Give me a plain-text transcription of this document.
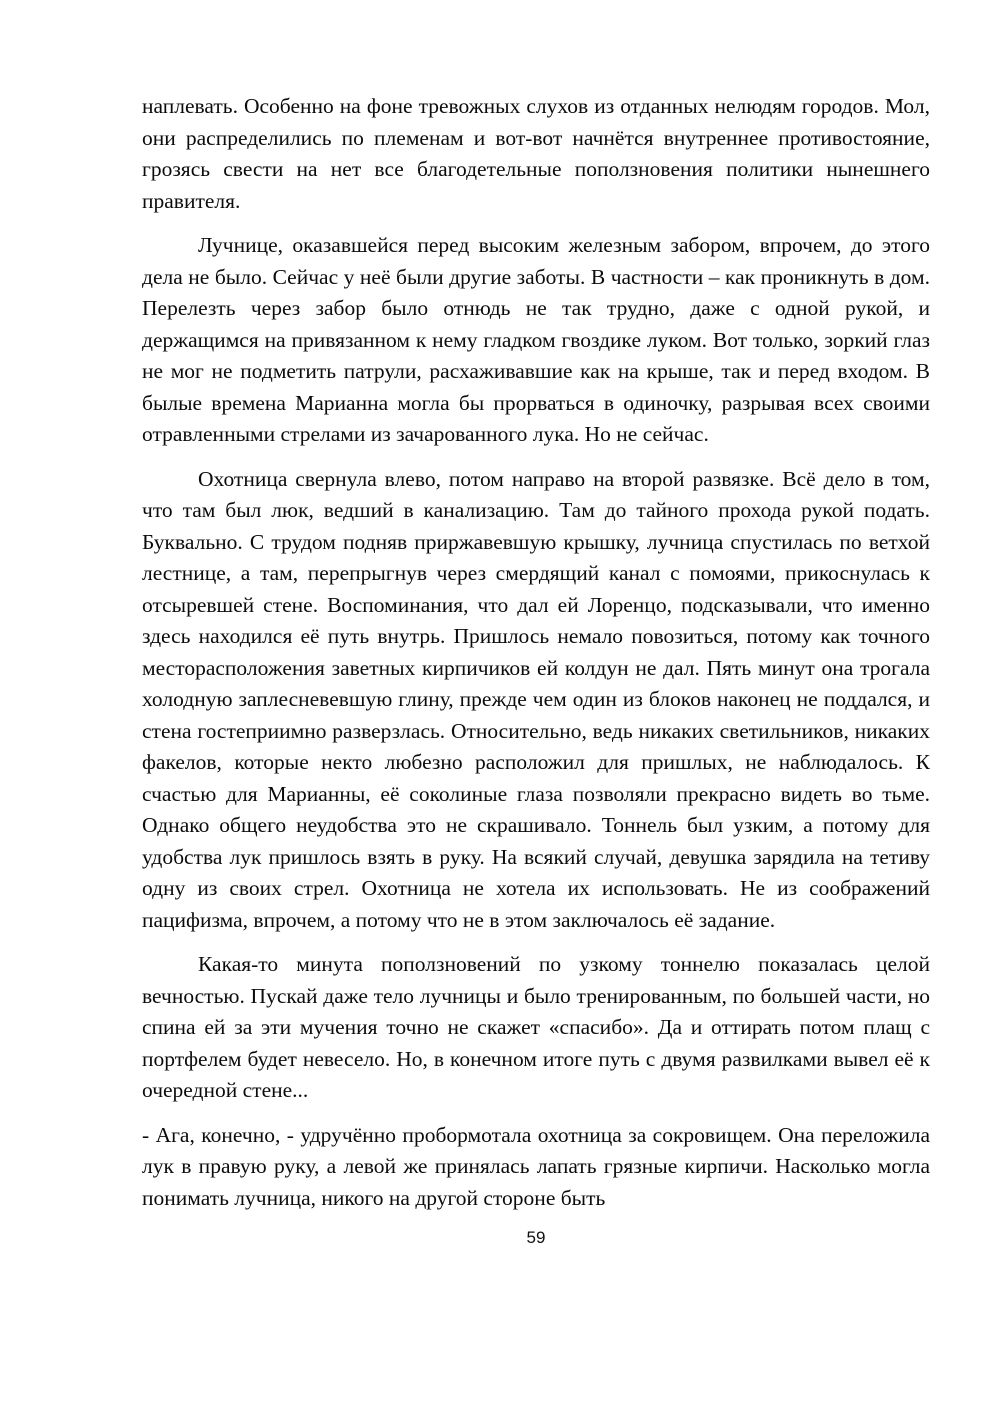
наплевать. Особенно на фоне тревожных слухов из отданных нелюдям городов. Мол, они распределились по племенам и вот-вот начнётся внутреннее противостояние, грозясь свести на нет все благодетельные поползновения политики нынешнего правителя.

Лучнице, оказавшейся перед высоким железным забором, впрочем, до этого дела не было. Сейчас у неё были другие заботы. В частности – как проникнуть в дом. Перелезть через забор было отнюдь не так трудно, даже с одной рукой, и держащимся на привязанном к нему гладком гвоздике луком. Вот только, зоркий глаз не мог не подметить патрули, расхаживавшие как на крыше, так и перед входом. В былые времена Марианна могла бы прорваться в одиночку, разрывая всех своими отравленными стрелами из зачарованного лука. Но не сейчас.

Охотница свернула влево, потом направо на второй развязке. Всё дело в том, что там был люк, ведший в канализацию. Там до тайного прохода рукой подать. Буквально. С трудом подняв приржавевшую крышку, лучница спустилась по ветхой лестнице, а там, перепрыгнув через смердящий канал с помоями, прикоснулась к отсыревшей стене. Воспоминания, что дал ей Лоренцо, подсказывали, что именно здесь находился её путь внутрь. Пришлось немало повозиться, потому как точного месторасположения заветных кирпичиков ей колдун не дал. Пять минут она трогала холодную заплесневевшую глину, прежде чем один из блоков наконец не поддался, и стена гостеприимно разверзлась. Относительно, ведь никаких светильников, никаких факелов, которые некто любезно расположил для пришлых, не наблюдалось. К счастью для Марианны, её соколиные глаза позволяли прекрасно видеть во тьме. Однако общего неудобства это не скрашивало. Тоннель был узким, а потому для удобства лук пришлось взять в руку. На всякий случай, девушка зарядила на тетиву одну из своих стрел. Охотница не хотела их использовать. Не из соображений пацифизма, впрочем, а потому что не в этом заключалось её задание.

Какая-то минута поползновений по узкому тоннелю показалась целой вечностью. Пускай даже тело лучницы и было тренированным, по большей части, но спина ей за эти мучения точно не скажет «спасибо». Да и оттирать потом плащ с портфелем будет невесело. Но, в конечном итоге путь с двумя развилками вывел её к очередной стене...

- Ага, конечно, - удручённо пробормотала охотница за сокровищем. Она переложила лук в правую руку, а левой же принялась лапать грязные кирпичи. Насколько могла понимать лучница, никого на другой стороне быть

59
